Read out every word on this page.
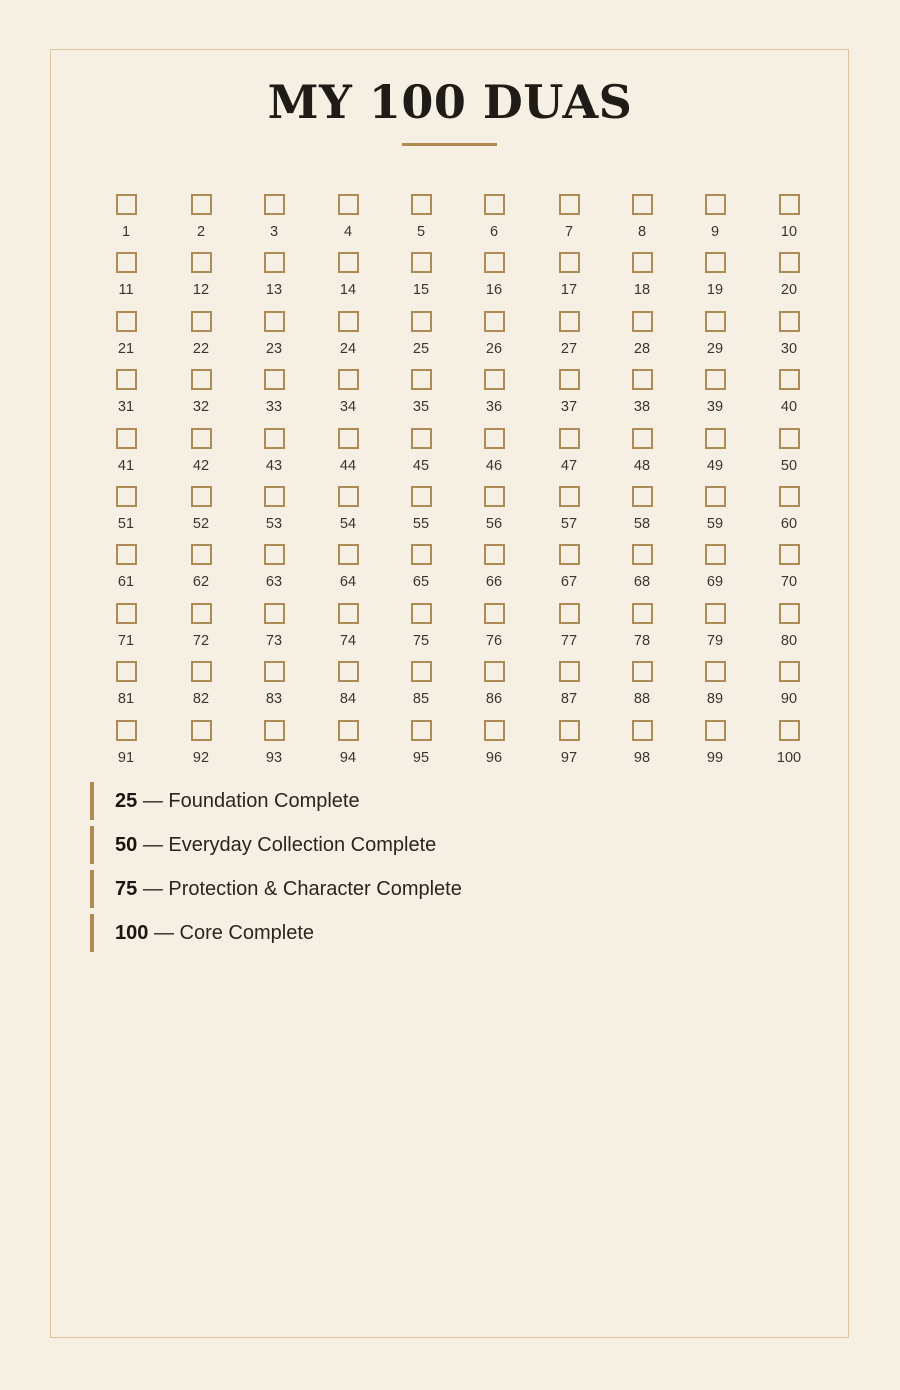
MY 100 DUAS
1	2	3	4	5	6	7	8	9	10
11	12	13	14	15	16	17	18	19	20
21	22	23	24	25	26	27	28	29	30
31	32	33	34	35	36	37	38	39	40
41	42	43	44	45	46	47	48	49	50
51	52	53	54	55	56	57	58	59	60
61	62	63	64	65	66	67	68	69	70
71	72	73	74	75	76	77	78	79	80
81	82	83	84	85	86	87	88	89	90
91	92	93	94	95	96	97	98	99	100
25 — Foundation Complete
50 — Everyday Collection Complete
75 — Protection & Character Complete
100 — Core Complete
